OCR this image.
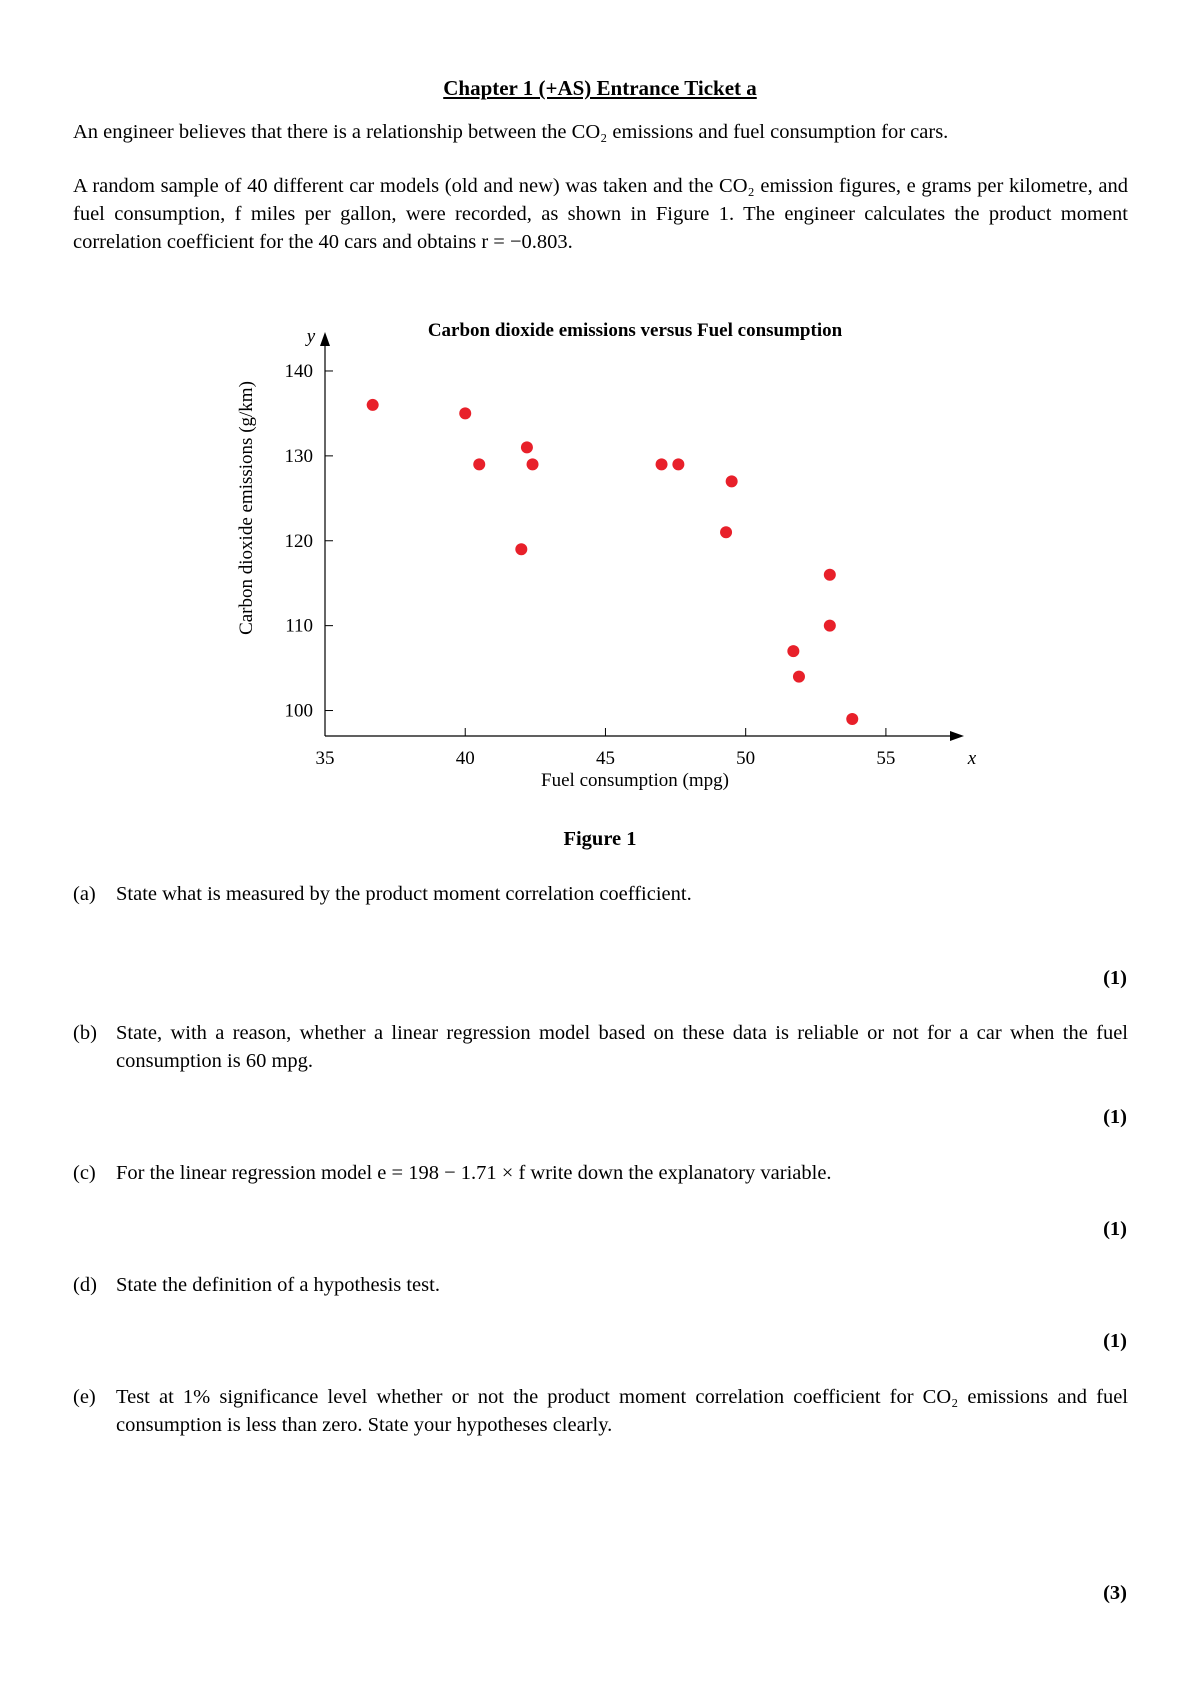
Chapter 1 (+AS) Entrance Ticket a
An engineer believes that there is a relationship between the CO₂ emissions and fuel consumption for cars.
A random sample of 40 different car models (old and new) was taken and the CO₂ emission figures, e grams per kilometre, and fuel consumption, f miles per gallon, were recorded, as shown in Figure 1. The engineer calculates the product moment correlation coefficient for the 40 cars and obtains r = −0.803.
Carbon dioxide emissions versus Fuel consumption
Carbon dioxide emissions (g/km)
Fuel consumption (mpg)
x
y
35	40	45	50	55
100
110
120
130
140
Figure 1
(a) State what is measured by the product moment correlation coefficient.
(1)
(b) State, with a reason, whether a linear regression model based on these data is reliable or not for a car when the fuel consumption is 60 mpg.
(1)
(c) For the linear regression model e = 198 − 1.71 × f write down the explanatory variable.
(1)
(d) State the definition of a hypothesis test.
(1)
(e) Test at 1% significance level whether or not the product moment correlation coefficient for CO₂ emissions and fuel consumption is less than zero. State your hypotheses clearly.
(3)
